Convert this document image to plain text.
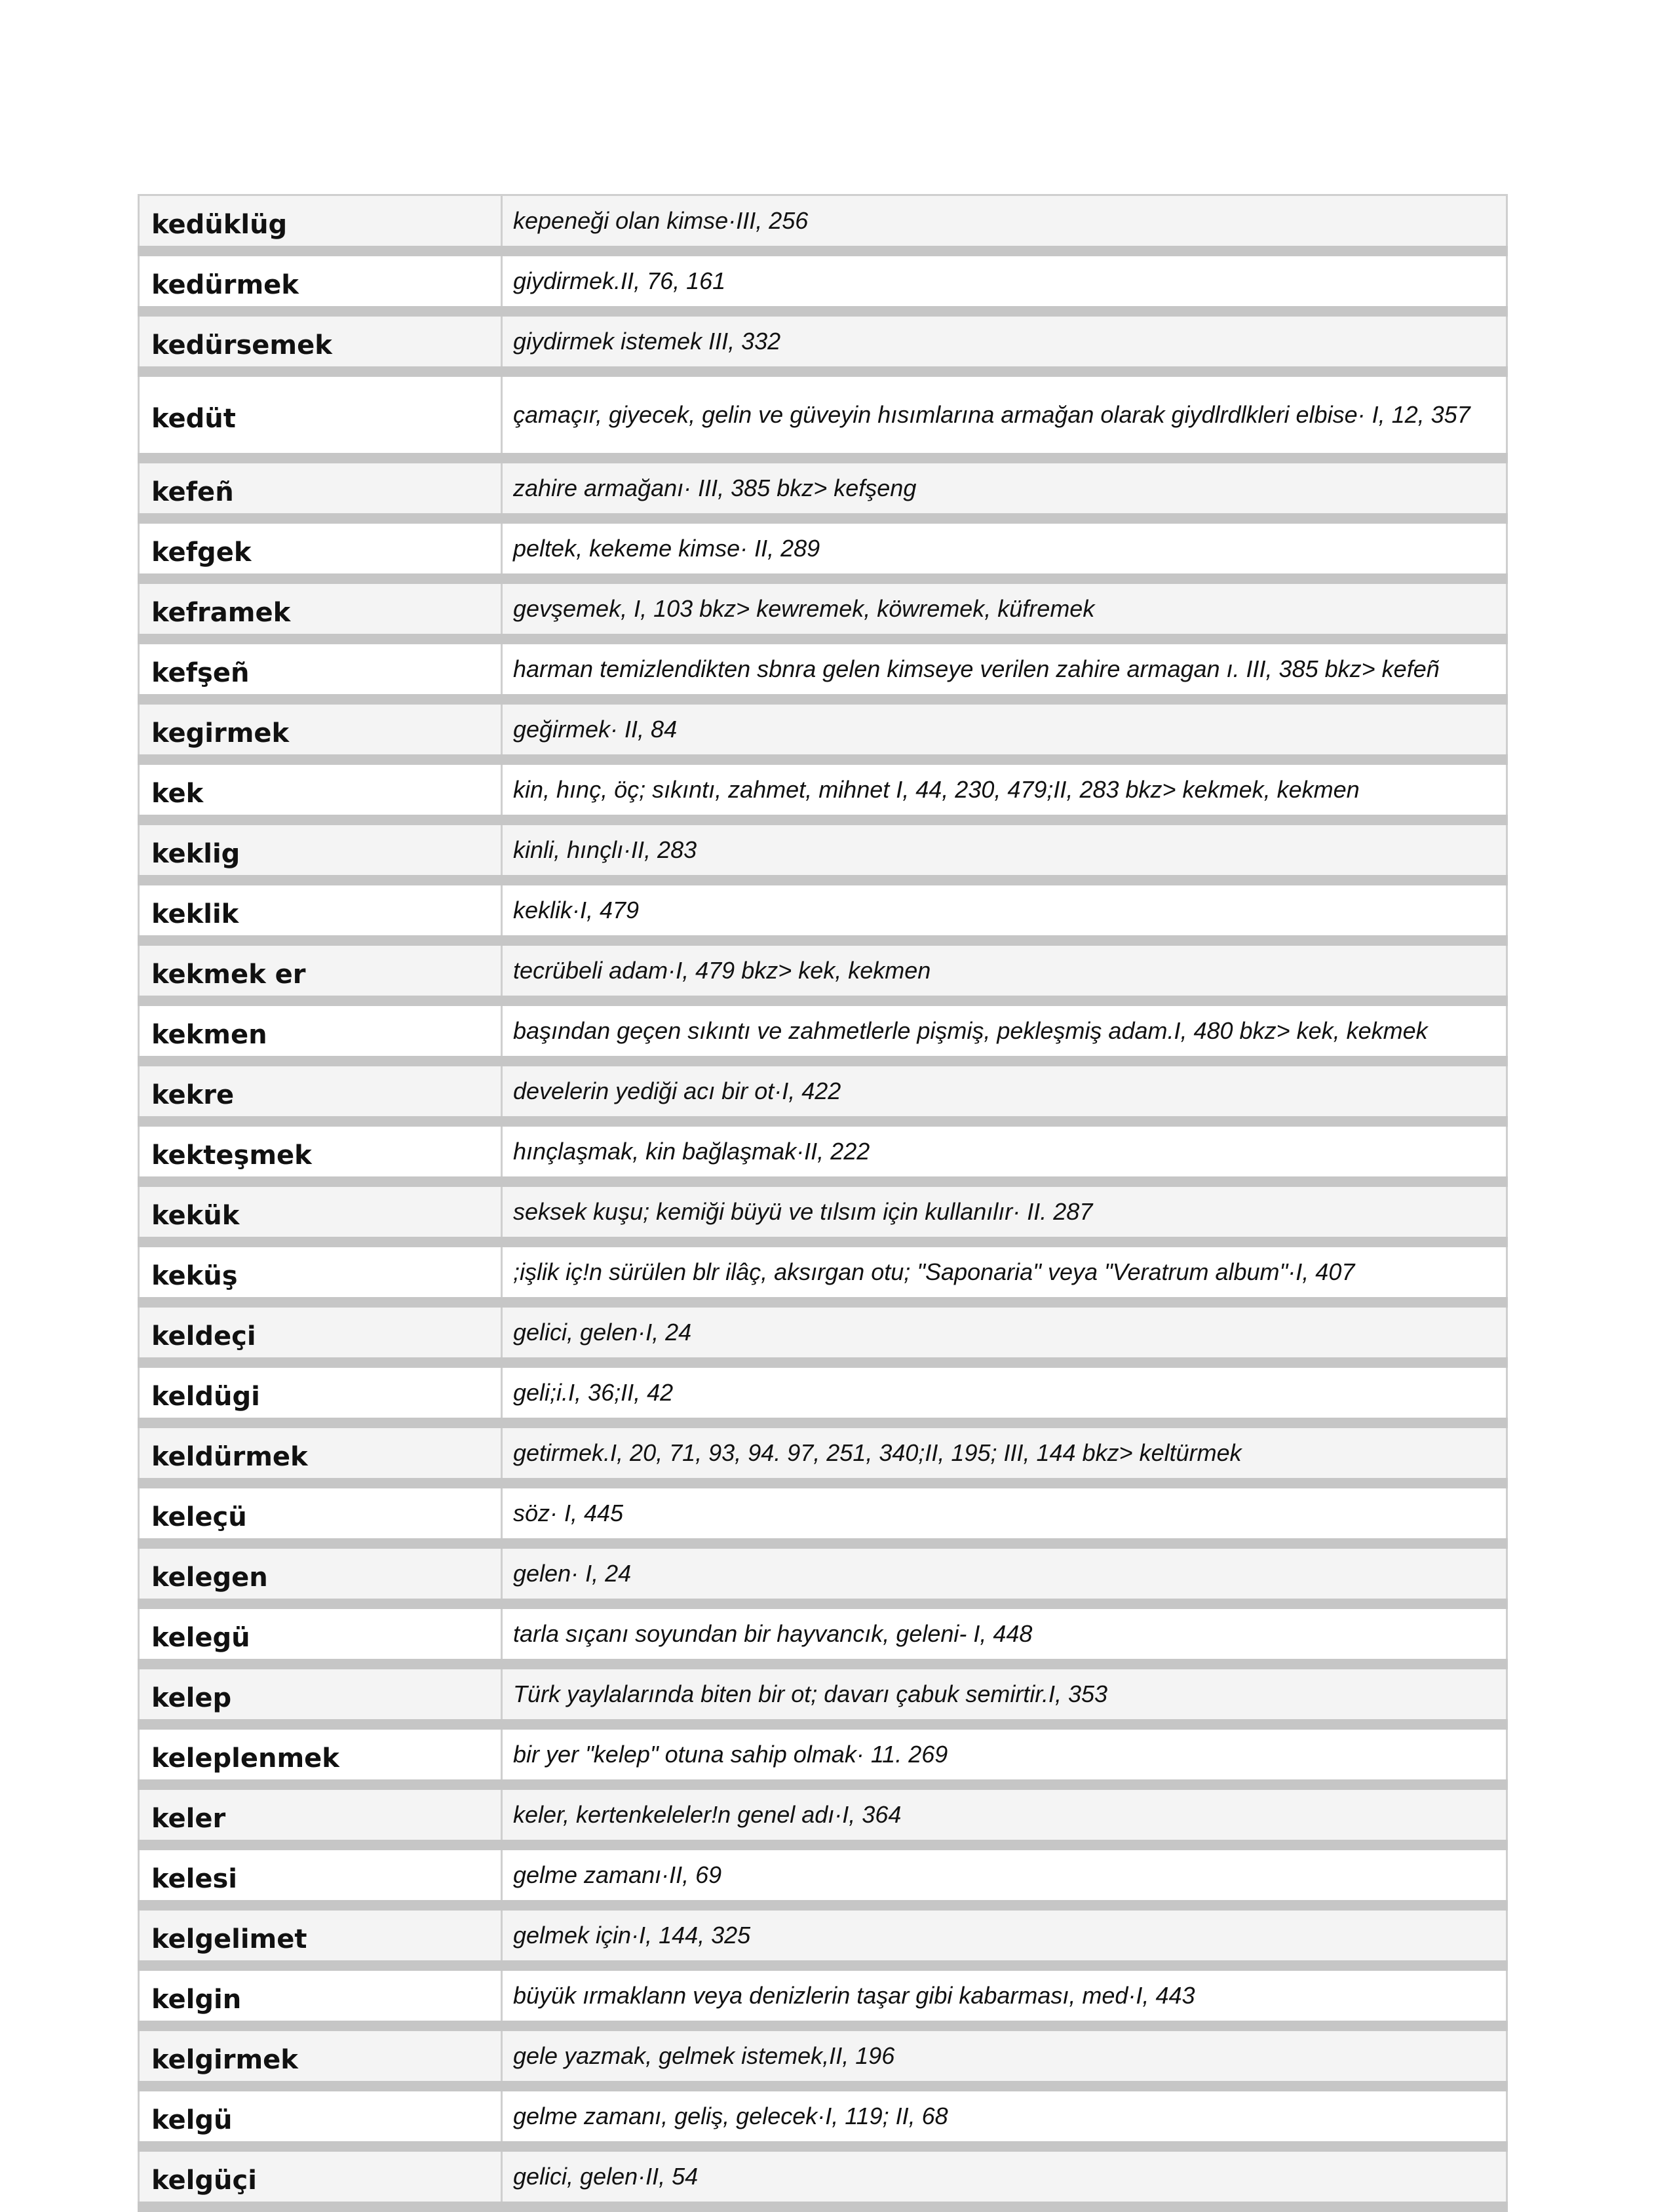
kedüklüg	kepeneği olan kimse·III, 256
kedürmek	giydirmek.II, 76, 161
kedürsemek	giydirmek istemek III, 332
kedüt	çamaçır, giyecek, gelin ve güveyin hısımlarına armağan olarak giydlrdlkleri elbise· I, 12, 357
kefeñ	zahire armağanı· III, 385 bkz> kefşeng
kefgek	peltek, kekeme kimse· II, 289
keframek	gevşemek, I, 103 bkz> kewremek, köwremek, küfremek
kefşeñ	harman temizlendikten sbnra gelen kimseye verilen zahire armagan ı. III, 385 bkz> kefeñ
kegirmek	geğirmek· II, 84
kek	kin, hınç, öç; sıkıntı, zahmet, mihnet I, 44, 230, 479;II, 283 bkz> kekmek, kekmen
keklig	kinli, hınçlı·II, 283
keklik	keklik·I, 479
kekmek er	tecrübeli adam·I, 479 bkz> kek, kekmen
kekmen	başından geçen sıkıntı ve zahmetlerle pişmiş, pekleşmiş adam.I, 480 bkz> kek, kekmek
kekre	develerin yediği acı bir ot·I, 422
kekteşmek	hınçlaşmak, kin bağlaşmak·II, 222
kekük	seksek kuşu; kemiği büyü ve tılsım için kullanılır· II. 287
keküş	;işlik iç!n sürülen blr ilâç, aksırgan otu; "Saponaria" veya "Veratrum album"·I, 407
keldeçi	gelici, gelen·I, 24
keldügi	geli;i.I, 36;II, 42
keldürmek	getirmek.I, 20, 71, 93, 94. 97, 251, 340;II, 195; III, 144 bkz> keltürmek
keleçü	söz· I, 445
kelegen	gelen· I, 24
kelegü	tarla sıçanı soyundan bir hayvancık, geleni- I, 448
kelep	Türk yaylalarında biten bir ot; davarı çabuk semirtir.I, 353
keleplenmek	bir yer "kelep" otuna sahip olmak· 11. 269
keler	keler, kertenkeleler!n genel adı·I, 364
kelesi	gelme zamanı·II, 69
kelgelimet	gelmek için·I, 144, 325
kelgin	büyük ırmaklann veya denizlerin taşar gibi kabarması, med·I, 443
kelgirmek	gele yazmak, gelmek istemek,II, 196
kelgü	gelme zamanı, geliş, gelecek·I, 119; II, 68
kelgüçi	gelici, gelen·II, 54
